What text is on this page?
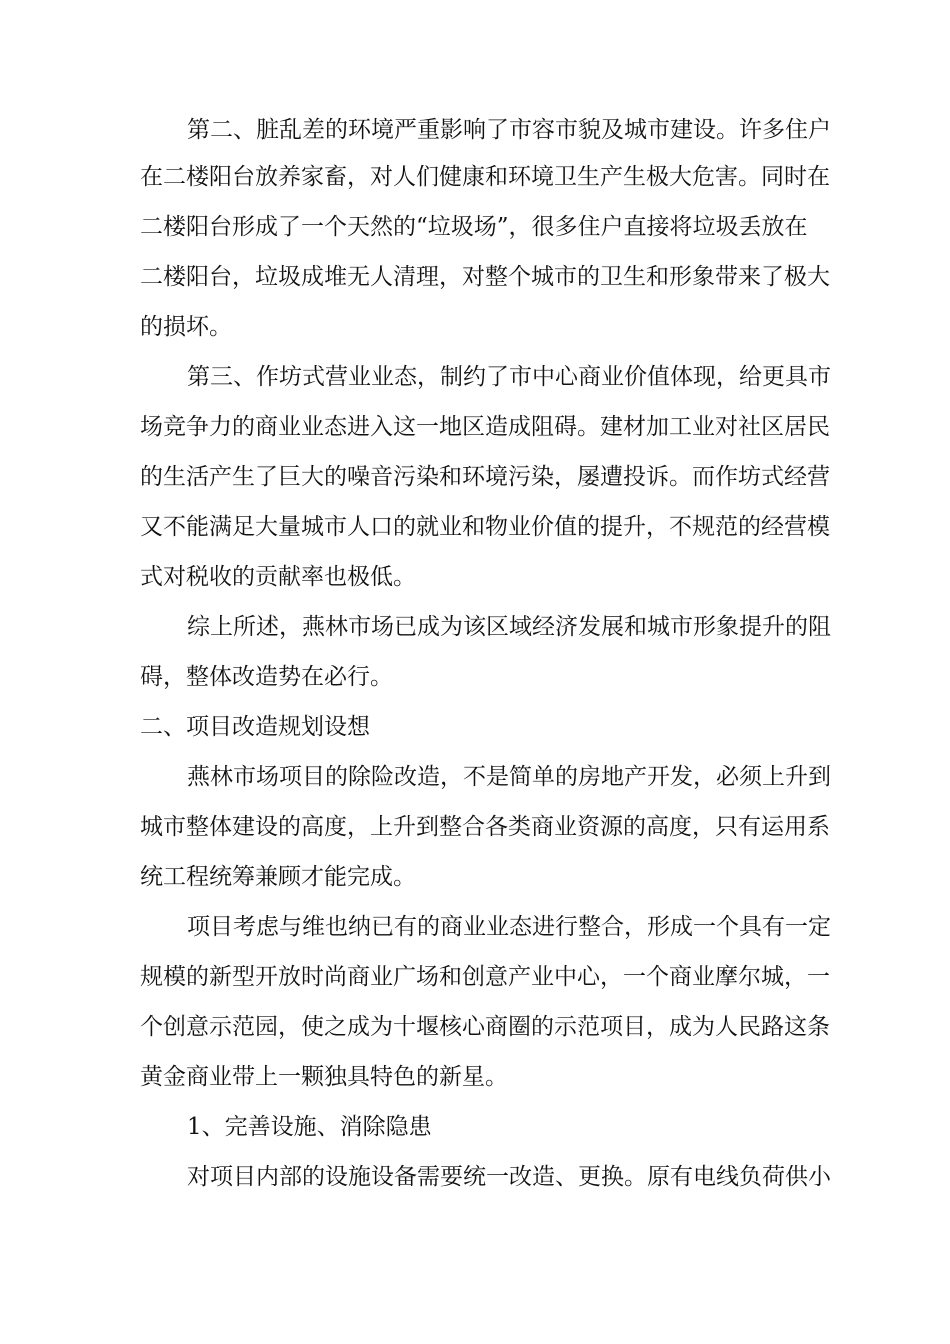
第二、脏乱差的环境严重影响了市容市貌及城市建设。许多住户
在二楼阳台放养家畜，对人们健康和环境卫生产生极大危害。同时在
二楼阳台形成了一个天然的“垃圾场”，很多住户直接将垃圾丢放在
二楼阳台，垃圾成堆无人清理，对整个城市的卫生和形象带来了极大
的损坏。
第三、作坊式营业业态，制约了市中心商业价值体现，给更具市
场竞争力的商业业态进入这一地区造成阻碍。建材加工业对社区居民
的生活产生了巨大的噪音污染和环境污染，屡遭投诉。而作坊式经营
又不能满足大量城市人口的就业和物业价值的提升，不规范的经营模
式对税收的贡献率也极低。
综上所述，燕林市场已成为该区域经济发展和城市形象提升的阻
碍，整体改造势在必行。
二、项目改造规划设想
燕林市场项目的除险改造，不是简单的房地产开发，必须上升到
城市整体建设的高度，上升到整合各类商业资源的高度，只有运用系
统工程统筹兼顾才能完成。
项目考虑与维也纳已有的商业业态进行整合，形成一个具有一定
规模的新型开放时尚商业广场和创意产业中心，一个商业摩尔城，一
个创意示范园，使之成为十堰核心商圈的示范项目，成为人民路这条
黄金商业带上一颗独具特色的新星。
1、完善设施、消除隐患
对项目内部的设施设备需要统一改造、更换。原有电线负荷供小
